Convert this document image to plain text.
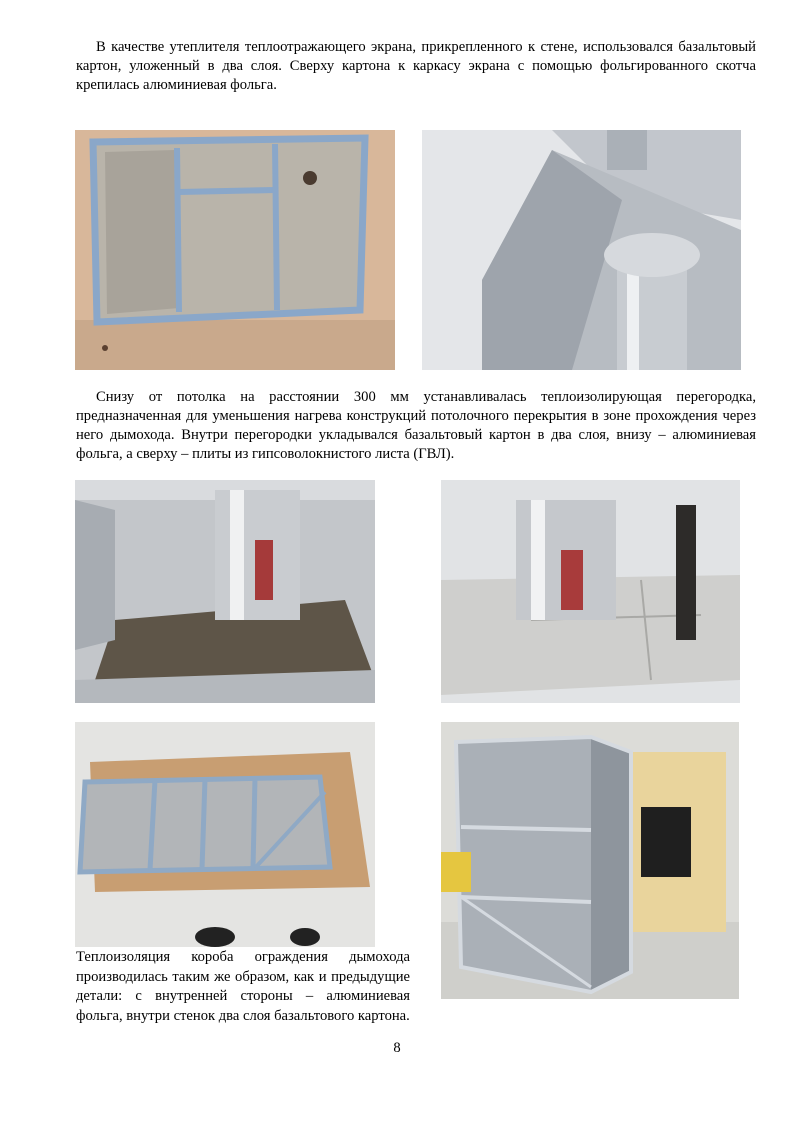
В качестве утеплителя теплоотражающего экрана, прикрепленного к стене, использовался базальтовый картон, уложенный в два слоя. Сверху картона к каркасу экрана с помощью фольгированного скотча крепилась алюминиевая фольга.

Снизу от потолка на расстоянии 300 мм устанавливалась теплоизолирующая перегородка, предназначенная для уменьшения нагрева конструкций потолочного перекрытия в зоне прохождения через него дымохода. Внутри перегородки укладывался базальтовый картон в два слоя, внизу – алюминиевая фольга, а сверху – плиты из гипсоволокнистого листа (ГВЛ).

Теплоизоляция короба ограждения дымохода производилась таким же образом, как и предыдущие детали: с внутренней стороны – алюминиевая фольга, внутри стенок два слоя базальтового картона.

8
